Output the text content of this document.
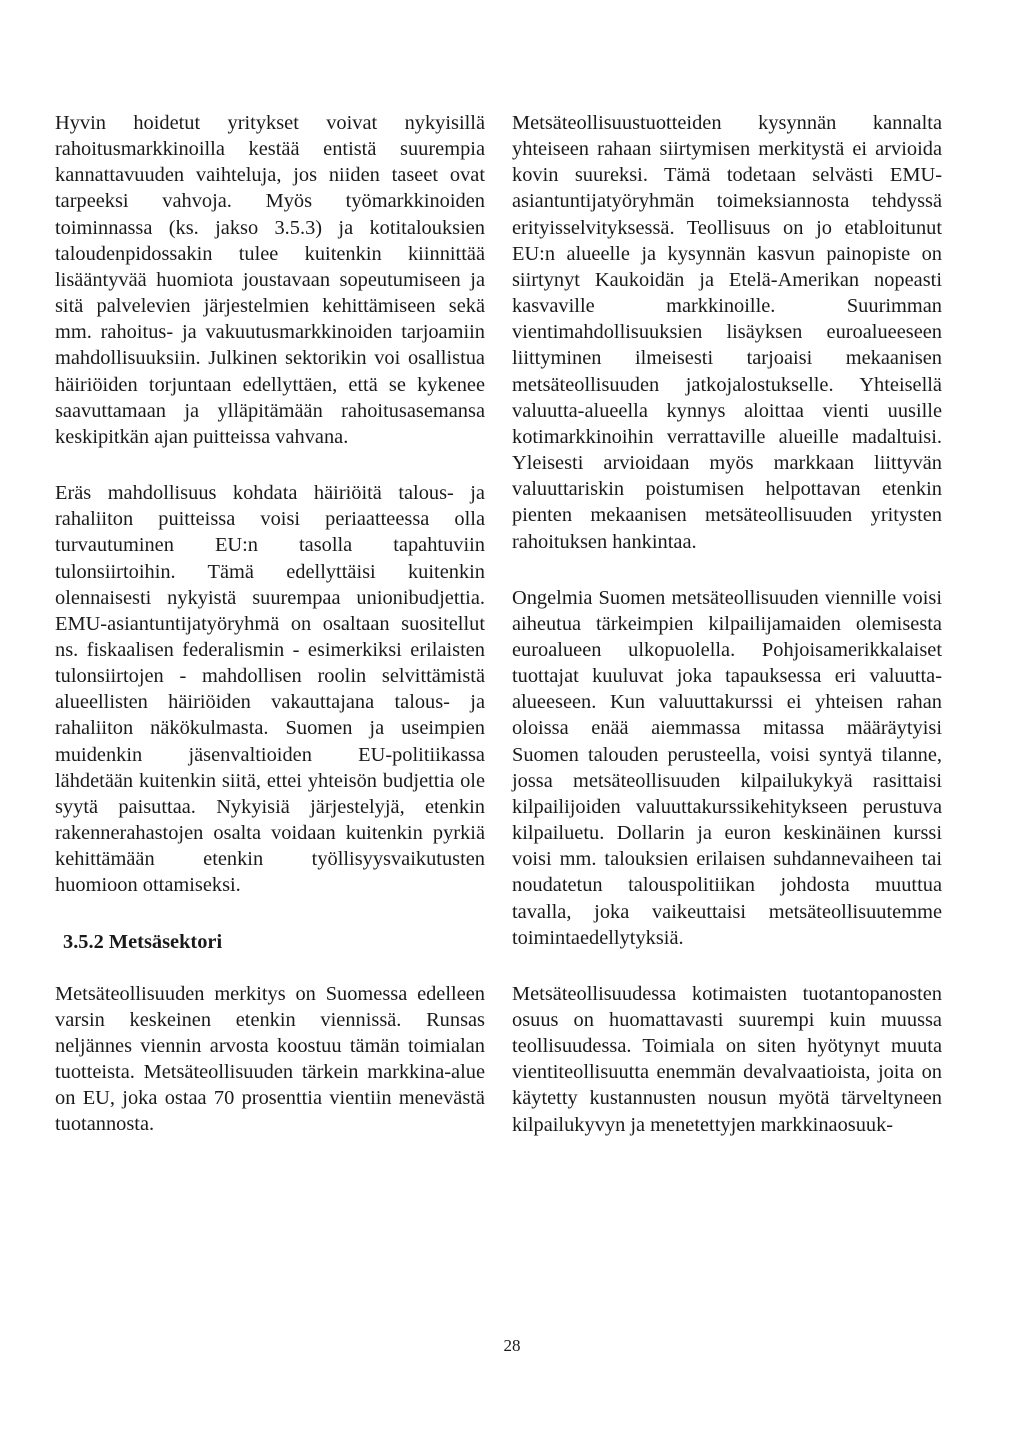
Hyvin hoidetut yritykset voivat nykyisillä rahoitusmarkkinoilla kestää entistä suurempia kannattavuuden vaihteluja, jos niiden taseet ovat tarpeeksi vahvoja. Myös työmarkkinoiden toiminnassa (ks. jakso 3.5.3) ja kotitalouksien taloudenpidossakin tulee kuitenkin kiinnittää lisääntyvää huomiota joustavaan sopeutumiseen ja sitä palvelevien järjestelmien kehittämiseen sekä mm. rahoitus- ja vakuutusmarkkinoiden tarjoamiin mahdollisuuksiin. Julkinen sektorikin voi osallistua häiriöiden torjuntaan edellyttäen, että se kykenee saavuttamaan ja ylläpitämään rahoitusasemansa keskipitkän ajan puitteissa vahvana.

Eräs mahdollisuus kohdata häiriöitä talous- ja rahaliiton puitteissa voisi periaatteessa olla turvautuminen EU:n tasolla tapahtuviin tulonsiirtoihin. Tämä edellyttäisi kuitenkin olennaisesti nykyistä suurempaa unionibudjettia. EMU-asiantuntijatyöryhmä on osaltaan suositellut ns. fiskaalisen federalismin - esimerkiksi erilaisten tulonsiirtojen - mahdollisen roolin selvittämistä alueellisten häiriöiden vakauttajana talous- ja rahaliiton näkökulmasta. Suomen ja useimpien muidenkin jäsenvaltioiden EU-politiikassa lähdetään kuitenkin siitä, ettei yhteisön budjettia ole syytä paisuttaa. Nykyisiä järjestelyjä, etenkin rakennerahastojen osalta voidaan kuitenkin pyrkiä kehittämään etenkin työllisyysvaikutusten huomioon ottamiseksi.

3.5.2 Metsäsektori

Metsäteollisuuden merkitys on Suomessa edelleen varsin keskeinen etenkin viennissä. Runsas neljännes viennin arvosta koostuu tämän toimialan tuotteista. Metsäteollisuuden tärkein markkina-alue on EU, joka ostaa 70 prosenttia vientiin menevästä tuotannosta.

Metsäteollisuustuotteiden kysynnän kannalta yhteiseen rahaan siirtymisen merkitystä ei arvioida kovin suureksi. Tämä todetaan selvästi EMU-asiantuntijatyöryhmän toimeksiannosta tehdyssä erityisselvityksessä. Teollisuus on jo etabloitunut EU:n alueelle ja kysynnän kasvun painopiste on siirtynyt Kaukoidän ja Etelä-Amerikan nopeasti kasvaville markkinoille. Suurimman vientimahdollisuuksien lisäyksen euroalueeseen liittyminen ilmeisesti tarjoaisi mekaanisen metsäteollisuuden jatkojalostukselle. Yhteisellä valuutta-alueella kynnys aloittaa vienti uusille kotimarkkinoihin verrattaville alueille madaltuisi. Yleisesti arvioidaan myös markkaan liittyvän valuuttariskin poistumisen helpottavan etenkin pienten mekaanisen metsäteollisuuden yritysten rahoituksen hankintaa.

Ongelmia Suomen metsäteollisuuden viennille voisi aiheutua tärkeimpien kilpailijamaiden olemisesta euroalueen ulkopuolella. Pohjoisamerikkalaiset tuottajat kuuluvat joka tapauksessa eri valuutta-alueeseen. Kun valuuttakurssi ei yhteisen rahan oloissa enää aiemmassa mitassa määräytyisi Suomen talouden perusteella, voisi syntyä tilanne, jossa metsäteollisuuden kilpailukykyä rasittaisi kilpailijoiden valuuttakurssikehitykseen perustuva kilpailuetu. Dollarin ja euron keskinäinen kurssi voisi mm. talouksien erilaisen suhdannevaiheen tai noudatetun talouspolitiikan johdosta muuttua tavalla, joka vaikeuttaisi metsäteollisuutemme toimintaedellytyksiä.

Metsäteollisuudessa kotimaisten tuotantopanosten osuus on huomattavasti suurempi kuin muussa teollisuudessa. Toimiala on siten hyötynyt muuta vientiteollisuutta enemmän devalvaatioista, joita on käytetty kustannusten nousun myötä tärveltyneen kilpailukyvyn ja menetettyjen markkinaosuuk-

28
